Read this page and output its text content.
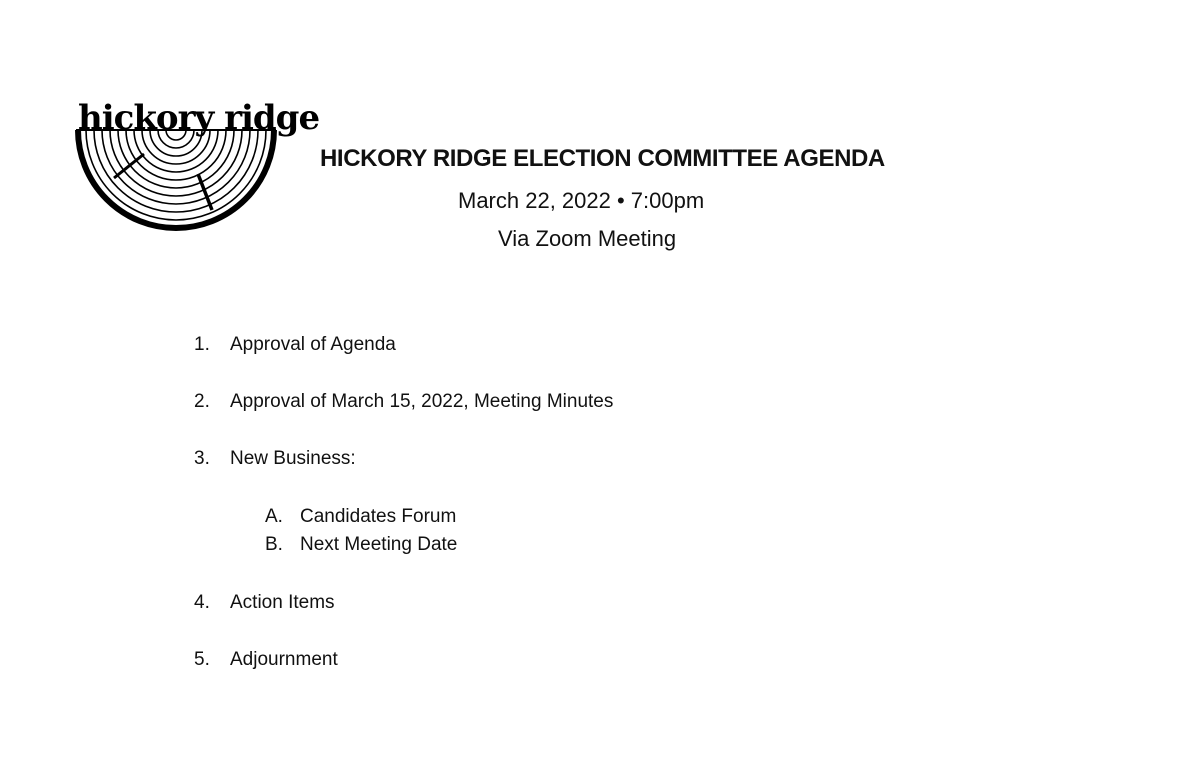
hickory ridge
HICKORY RIDGE ELECTION COMMITTEE AGENDA
March 22, 2022 • 7:00pm
Via Zoom Meeting
1. Approval of Agenda
2. Approval of March 15, 2022, Meeting Minutes
3. New Business:
A. Candidates Forum
B. Next Meeting Date
4. Action Items
5. Adjournment
